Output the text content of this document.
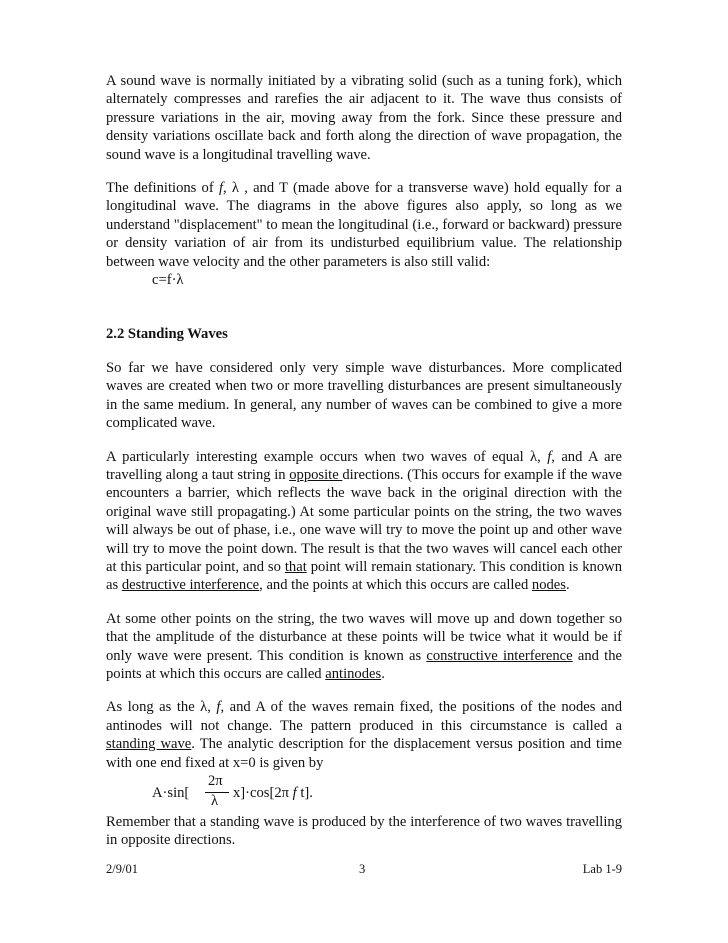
A sound wave is normally initiated by a vibrating solid (such as a tuning fork), which alternately compresses and rarefies the air adjacent to it. The wave thus consists of pressure variations in the air, moving away from the fork. Since these pressure and density variations oscillate back and forth along the direction of wave propagation, the sound wave is a longitudinal travelling wave.

The definitions of f, λ , and T (made above for a transverse wave) hold equally for a longitudinal wave. The diagrams in the above figures also apply, so long as we understand "displacement" to mean the longitudinal (i.e., forward or backward) pressure or density variation of air from its undisturbed equilibrium value. The relationship between wave velocity and the other parameters is also still valid:

c=f·λ

2.2 Standing Waves

So far we have considered only very simple wave disturbances. More complicated waves are created when two or more travelling disturbances are present simultaneously in the same medium. In general, any number of waves can be combined to give a more complicated wave.

A particularly interesting example occurs when two waves of equal λ, f, and A are travelling along a taut string in opposite directions. (This occurs for example if the wave encounters a barrier, which reflects the wave back in the original direction with the original wave still propagating.) At some particular points on the string, the two waves will always be out of phase, i.e., one wave will try to move the point up and other wave will try to move the point down. The result is that the two waves will cancel each other at this particular point, and so that point will remain stationary. This condition is known as destructive interference, and the points at which this occurs are called nodes.

At some other points on the string, the two waves will move up and down together so that the amplitude of the disturbance at these points will be twice what it would be if only wave were present. This condition is known as constructive interference and the points at which this occurs are called antinodes.

As long as the λ, f, and A of the waves remain fixed, the positions of the nodes and antinodes will not change. The pattern produced in this circumstance is called a standing wave. The analytic description for the displacement versus position and time with one end fixed at x=0 is given by

A·sin[
2π
λ x]·cos[2π f t].

Remember that a standing wave is produced by the interference of two waves travelling in opposite directions.

2/9/01	3	Lab 1-9
